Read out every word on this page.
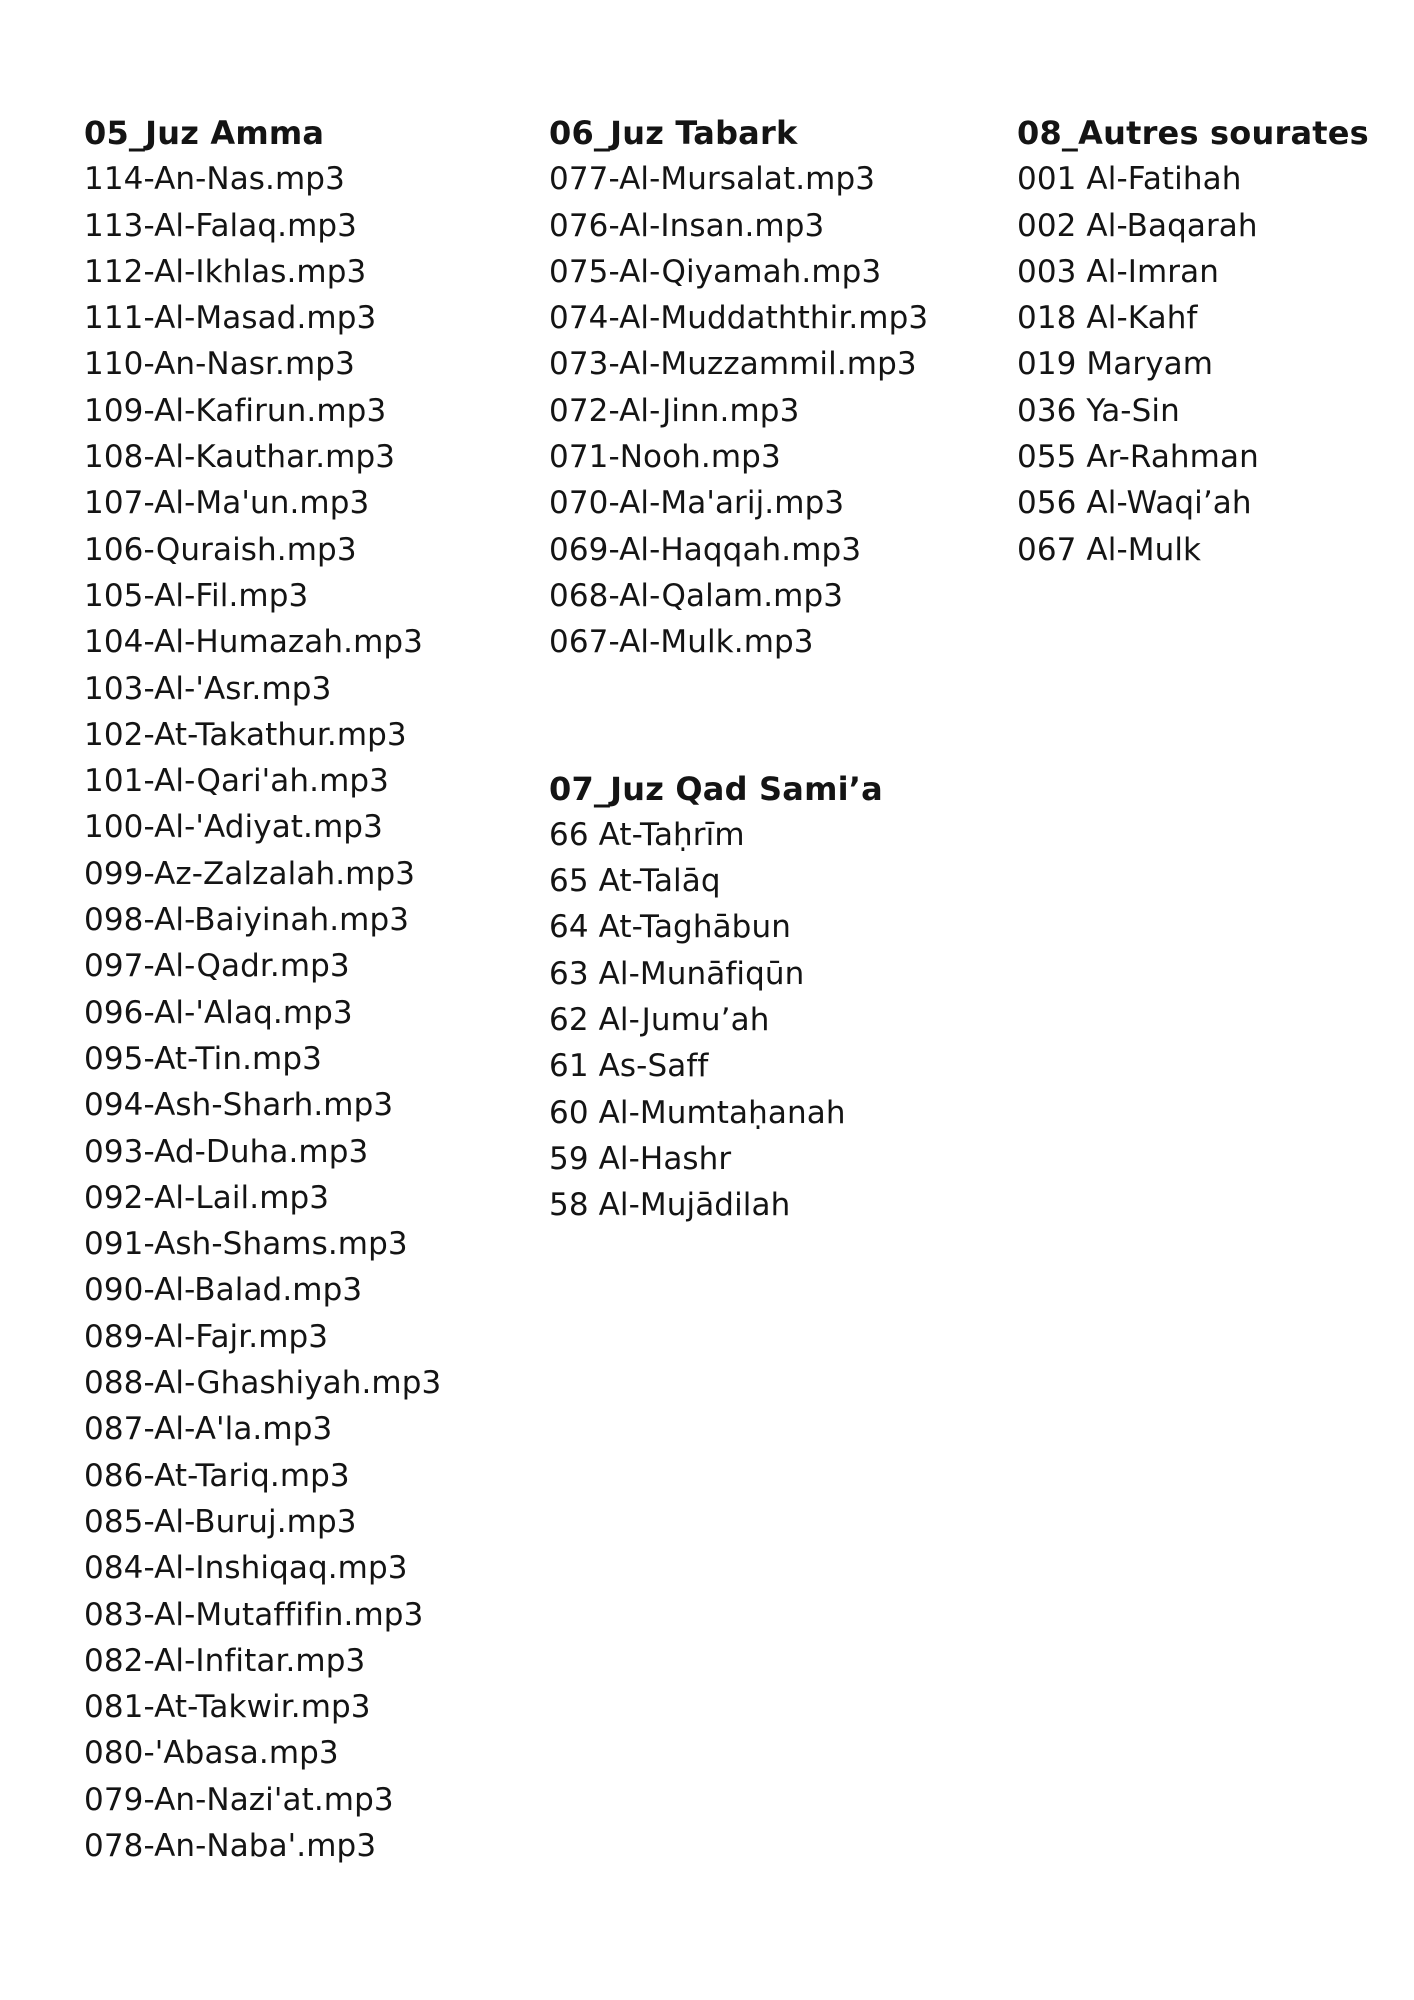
05_Juz Amma
114-An-Nas.mp3
113-Al-Falaq.mp3
112-Al-Ikhlas.mp3
111-Al-Masad.mp3
110-An-Nasr.mp3
109-Al-Kafirun.mp3
108-Al-Kauthar.mp3
107-Al-Ma'un.mp3
106-Quraish.mp3
105-Al-Fil.mp3
104-Al-Humazah.mp3
103-Al-'Asr.mp3
102-At-Takathur.mp3
101-Al-Qari'ah.mp3
100-Al-'Adiyat.mp3
099-Az-Zalzalah.mp3
098-Al-Baiyinah.mp3
097-Al-Qadr.mp3
096-Al-'Alaq.mp3
095-At-Tin.mp3
094-Ash-Sharh.mp3
093-Ad-Duha.mp3
092-Al-Lail.mp3
091-Ash-Shams.mp3
090-Al-Balad.mp3
089-Al-Fajr.mp3
088-Al-Ghashiyah.mp3
087-Al-A'la.mp3
086-At-Tariq.mp3
085-Al-Buruj.mp3
084-Al-Inshiqaq.mp3
083-Al-Mutaffifin.mp3
082-Al-Infitar.mp3
081-At-Takwir.mp3
080-'Abasa.mp3
079-An-Nazi'at.mp3
078-An-Naba'.mp3
06_Juz Tabark
077-Al-Mursalat.mp3
076-Al-Insan.mp3
075-Al-Qiyamah.mp3
074-Al-Muddaththir.mp3
073-Al-Muzzammil.mp3
072-Al-Jinn.mp3
071-Nooh.mp3
070-Al-Ma'arij.mp3
069-Al-Haqqah.mp3
068-Al-Qalam.mp3
067-Al-Mulk.mp3
07_Juz Qad Sami’a
66 At-Taḥrīm
65 At-Talāq
64 At-Taghābun
63 Al-Munāfiqūn
62 Al-Jumu’ah
61 As-Saff
60 Al-Mumtaḥanah
59 Al-Hashr
58 Al-Mujādilah
08_Autres sourates
001 Al-Fatihah
002 Al-Baqarah
003 Al-Imran
018 Al-Kahf
019 Maryam
036 Ya-Sin
055 Ar-Rahman
056 Al-Waqi’ah
067 Al-Mulk
